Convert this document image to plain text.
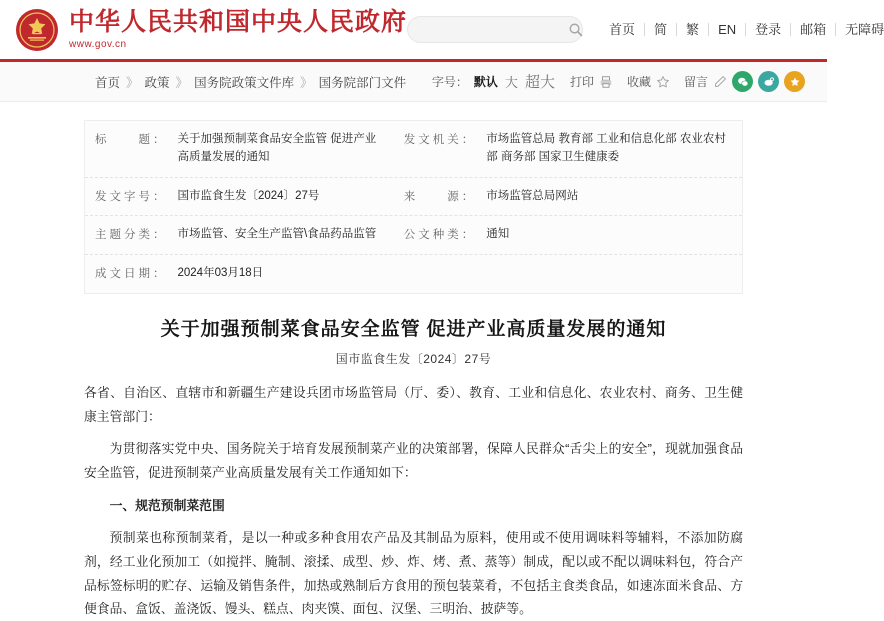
中华人民共和国中央人民政府
www.gov.cn
首页	简	繁	EN	登录	邮箱	无障碍
首页 》 政策 》 国务院政策文件库 》 国务院部门文件 字号： 默认 大 超大 打印	收藏	留言
标　　题： 关于加强预制菜食品安全监管 促进产业高质量发展的通知
发文机关： 市场监管总局 教育部 工业和信息化部 农业农村部 商务部 国家卫生健康委
发文字号： 国市监食生发〔2024〕27号	来　　源： 市场监管总局网站
主题分类： 市场监管、安全生产监管\食品药品监管 公文种类： 通知
成文日期： 2024年03月18日
关于加强预制菜食品安全监管 促进产业高质量发展的通知
国市监食生发〔2024〕27号

各省、自治区、直辖市和新疆生产建设兵团市场监管局（厅、委）、教育、工业和信息化、农业农村、商务、卫生健康主管部门：

为贯彻落实党中央、国务院关于培育发展预制菜产业的决策部署，保障人民群众“舌尖上的安全”，现就加强食品安全监管，促进预制菜产业高质量发展有关工作通知如下：

一、规范预制菜范围

预制菜也称预制菜肴，是以一种或多种食用农产品及其制品为原料，使用或不使用调味料等辅料，不添加防腐剂，经工业化预加工（如搅拌、腌制、滚揉、成型、炒、炸、烤、煮、蒸等）制成，配以或不配以调味料包，符合产品标签标明的贮存、运输及销售条件，加热或熟制后方食用的预包装菜肴，不包括主食类食品，如速冻面米食品、方便食品、盒饭、盖浇饭、馒头、糕点、肉夹馍、面包、汉堡、三明治、披萨等。
